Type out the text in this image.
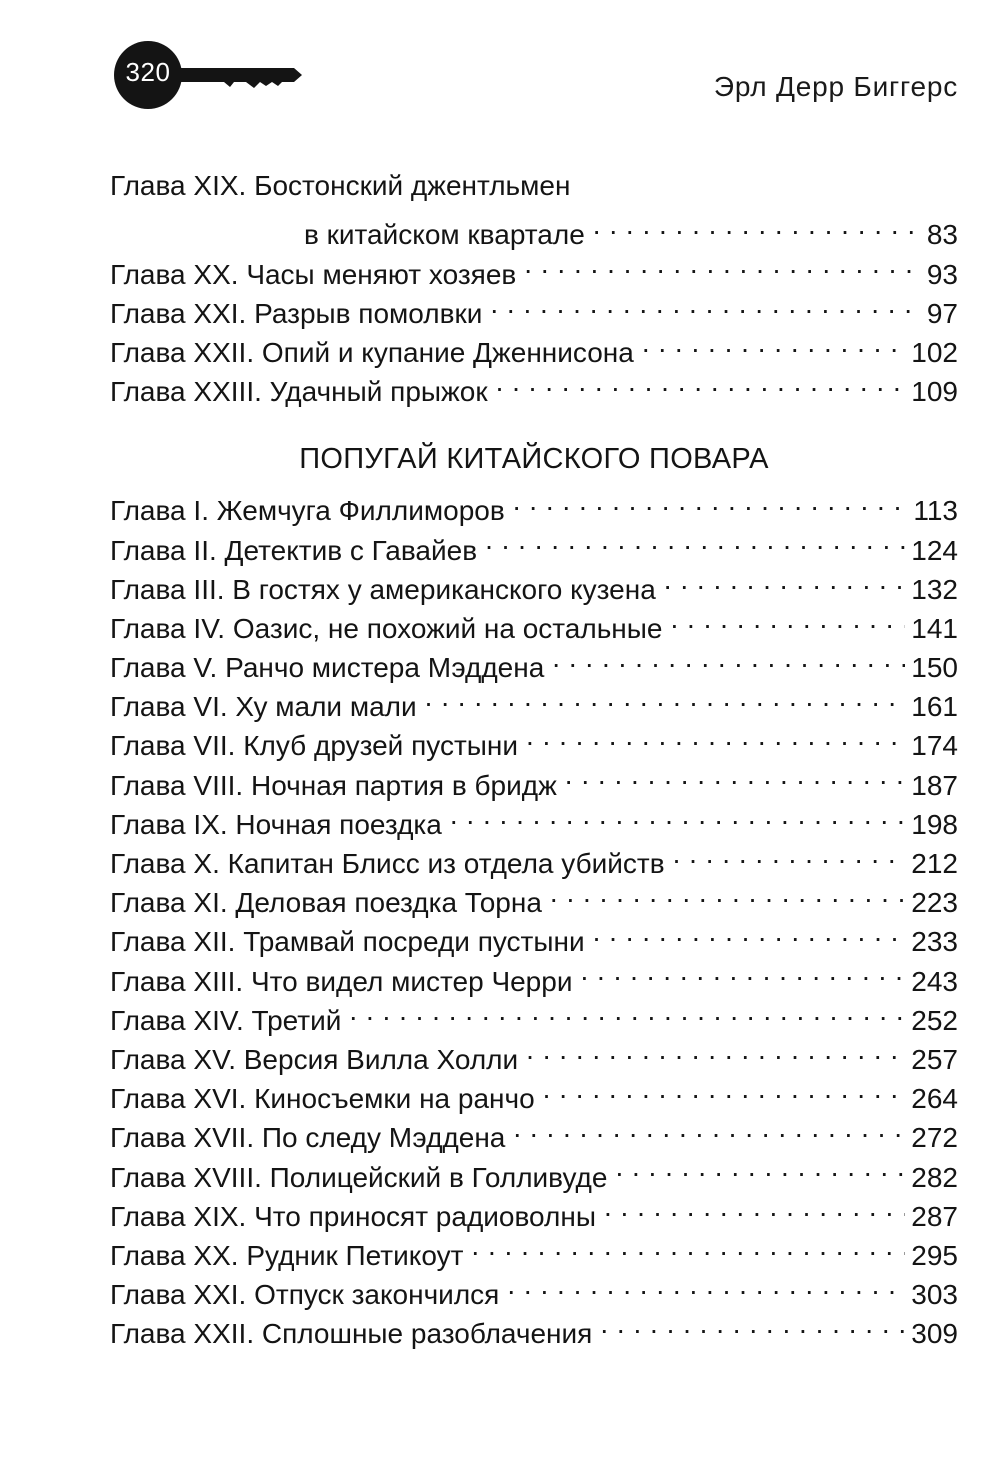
320	Эрл Дерр Биггерс
Глава XIX. Бостонский джентльмен
в китайском квартале . . .	83
Глава XX. Часы меняют хозяев . . .	93
Глава XXI. Разрыв помолвки . . .	97
Глава XXII. Опий и купание Дженнисона . . .	102
Глава XXIII. Удачный прыжок . . .	109
ПОПУГАЙ КИТАЙСКОГО ПОВАРА
Глава I. Жемчуга Филлиморов . . .	113
Глава II. Детектив с Гавайев . . .	124
Глава III. В гостях у американского кузена . . .	132
Глава IV. Оазис, не похожий на остальные . . .	141
Глава V. Ранчо мистера Мэддена . . .	150
Глава VI. Ху мали мали . . .	161
Глава VII. Клуб друзей пустыни . . .	174
Глава VIII. Ночная партия в бридж . . .	187
Глава IX. Ночная поездка . . .	198
Глава X. Капитан Блисс из отдела убийств . . .	212
Глава XI. Деловая поездка Торна . . .	223
Глава XII. Трамвай посреди пустыни . . .	233
Глава XIII. Что видел мистер Черри . . .	243
Глава XIV. Третий . . .	252
Глава XV. Версия Вилла Холли . . .	257
Глава XVI. Киносъемки на ранчо . . .	264
Глава XVII. По следу Мэддена . . .	272
Глава XVIII. Полицейский в Голливуде . . .	282
Глава XIX. Что приносят радиоволны . . .	287
Глава XX. Рудник Петикоут . . .	295
Глава XXI. Отпуск закончился . . .	303
Глава XXII. Сплошные разоблачения . . .	309
